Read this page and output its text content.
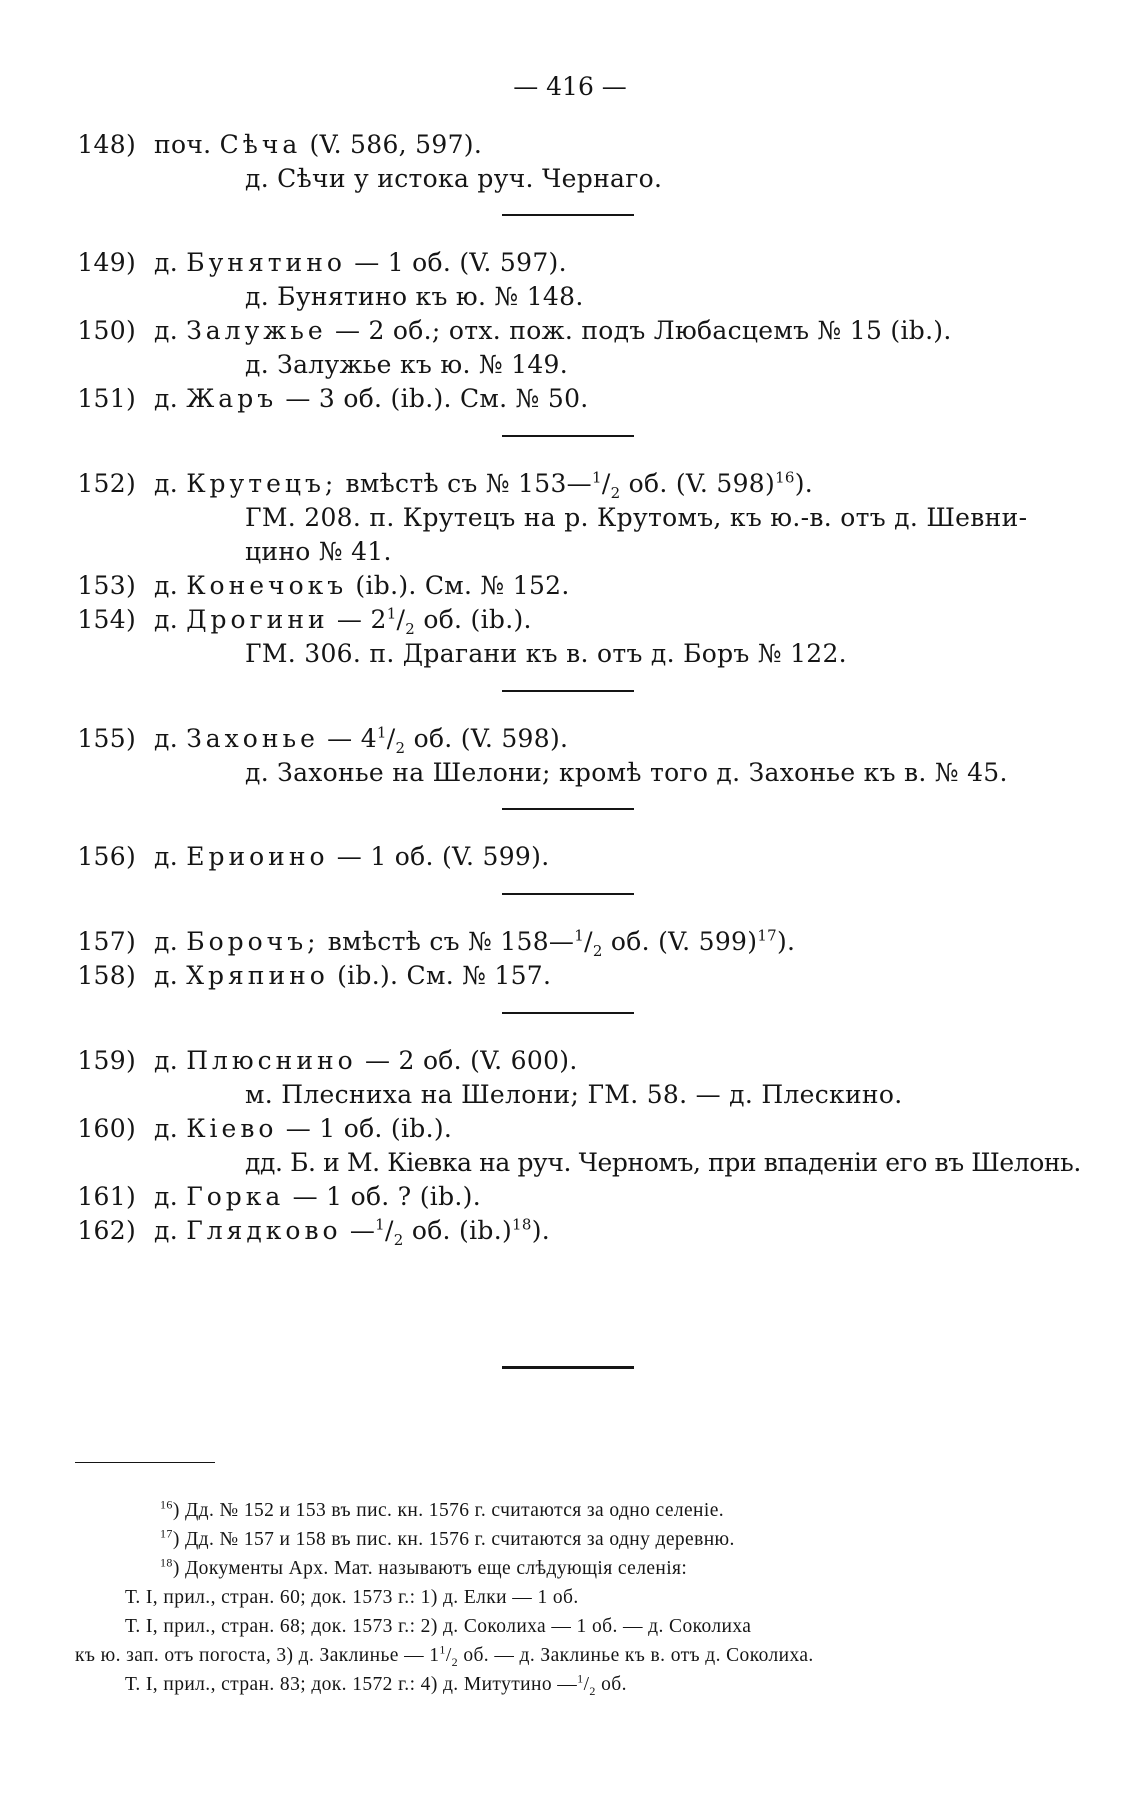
— 416 —
148) поч. Сѣча (V. 586, 597).
д. Сѣчи у истока руч. Чернаго.
149) д. Бунятино — 1 об. (V. 597).
д. Бунятино къ ю. № 148.
150) д. Залужье — 2 об.; отх. пож. подъ Любасцемъ № 15 (ib.).
д. Залужье къ ю. № 149.
151) д. Жаръ — 3 об. (ib.). См. № 50.
152) д. Крутецъ; вмѣстѣ съ № $153—^1/_2$ об. (V. 598)$^{16}$).
ГМ. 208. п. Крутецъ на р. Крутомъ, къ ю.-в. отъ д. Шевни-
цино № 41.
153) д. Конечокъ (ib.). См. № 152.
154) д. Дрогини — $2^1/_2$ об. (ib.).
ГМ. 306. п. Драгани къ в. отъ д. Боръ № 122.
155) д. Захонье — $4^1/_2$ об. (V. 598).
д. Захонье на Шелони; кромѣ того д. Захонье къ в. № 45.
156) д. Ериоино — 1 об. (V. 599).
157) д. Борочъ; вмѣстѣ съ № $158—^1/_2$ об. (V. 599)$^{17}$).
158) д. Хряпино (ib.). См. № 157.
159) д. Плюснино — 2 об. (V. 600).
м. Плесниха на Шелони; ГМ. 58. — д. Плескино.
160) д. Кіево — 1 об. (ib.).
дд. Б. и М. Кіевка на руч. Черномъ, при впаденіи его въ Шелонь.
161) д. Горка — 1 об. ? (ib.).
162) д. Глядково $—^1/_2$ об. $(ib.)^{18}$).
$^{16}$) Дд. № 152 и 153 въ пис. кн. 1576 г. считаются за одно селеніе.
$^{17}$) Дд. № 157 и 158 въ пис. кн. 1576 г. считаются за одну деревню.
$^{18}$) Документы Арх. Мат. называютъ еще слѣдующія селенія:
Т. I, прил., стран. 60; док. 1573 г.: 1) д. Елки — 1 об.
Т. I, прил., стран. 68; док. 1573 г.: 2) д. Соколиха — 1 об. — д. Соколиха
къ ю. зап. отъ погоста, 3) д. Заклинье — $1^1/_2$ об. — д. Заклинье къ в. отъ д. Соколиха.
Т. I, прил., стран. 83; док. 1572 г.: 4) д. Митутино $—^1/_2$ об.
